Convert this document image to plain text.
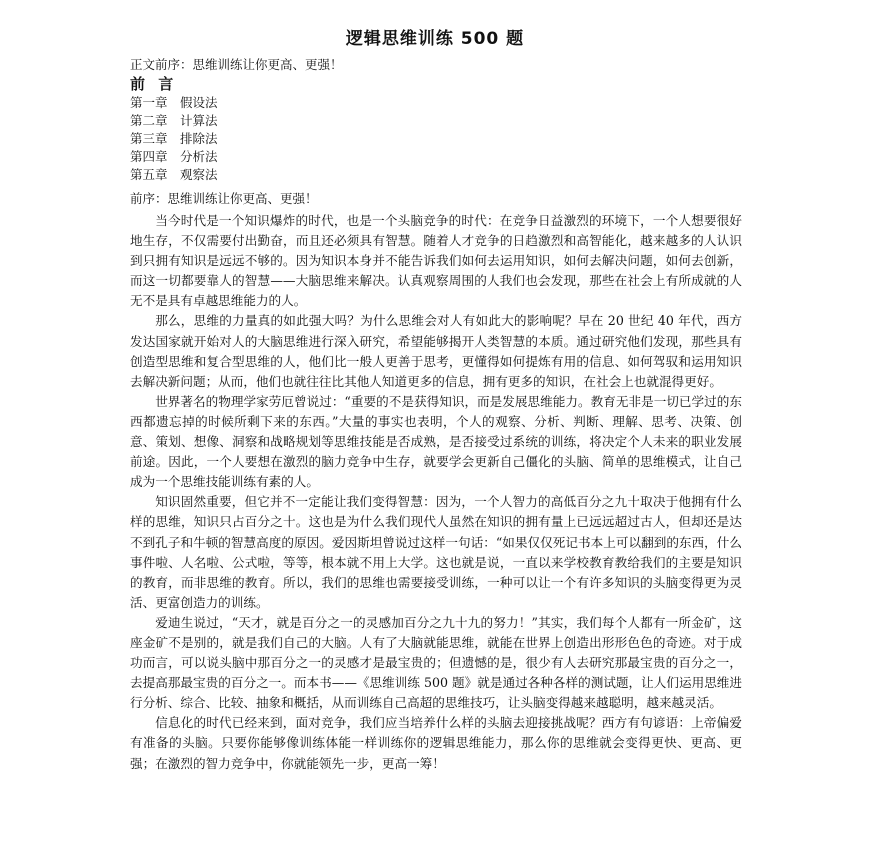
逻辑思维训练 500 题
正文前序：思维训练让你更高、更强！
前 言
第一章　假设法
第二章　计算法
第三章　排除法
第四章　分析法
第五章　观察法
前序：思维训练让你更高、更强！

当今时代是一个知识爆炸的时代，也是一个头脑竞争的时代：在竞争日益激烈的环境下，一个人想要很好地生存，不仅需要付出勤奋，而且还必须具有智慧。随着人才竞争的日趋激烈和高智能化，越来越多的人认识到只拥有知识是远远不够的。因为知识本身并不能告诉我们如何去运用知识，如何去解决问题，如何去创新，而这一切都要靠人的智慧——大脑思维来解决。认真观察周围的人我们也会发现，那些在社会上有所成就的人无不是具有卓越思维能力的人。

那么，思维的力量真的如此强大吗？为什么思维会对人有如此大的影响呢？早在 20 世纪 40 年代，西方发达国家就开始对人的大脑思维进行深入研究，希望能够揭开人类智慧的本质。通过研究他们发现，那些具有创造型思维和复合型思维的人，他们比一般人更善于思考，更懂得如何提炼有用的信息、如何驾驭和运用知识去解决新问题；从而，他们也就往往比其他人知道更多的信息，拥有更多的知识，在社会上也就混得更好。

世界著名的物理学家劳厄曾说过：“重要的不是获得知识，而是发展思维能力。教育无非是一切已学过的东西都遗忘掉的时候所剩下来的东西。”大量的事实也表明，个人的观察、分析、判断、理解、思考、决策、创意、策划、想像、洞察和战略规划等思维技能是否成熟，是否接受过系统的训练，将决定个人未来的职业发展前途。因此，一个人要想在激烈的脑力竞争中生存，就要学会更新自己僵化的头脑、简单的思维模式，让自己成为一个思维技能训练有素的人。

知识固然重要，但它并不一定能让我们变得智慧：因为，一个人智力的高低百分之九十取决于他拥有什么样的思维，知识只占百分之十。这也是为什么我们现代人虽然在知识的拥有量上已远远超过古人，但却还是达不到孔子和牛顿的智慧高度的原因。爱因斯坦曾说过这样一句话：“如果仅仅死记书本上可以翻到的东西，什么事件啦、人名啦、公式啦，等等，根本就不用上大学。这也就是说，一直以来学校教育教给我们的主要是知识的教育，而非思维的教育。所以，我们的思维也需要接受训练，一种可以让一个有许多知识的头脑变得更为灵活、更富创造力的训练。

爱迪生说过，“天才，就是百分之一的灵感加百分之九十九的努力！”其实，我们每个人都有一所金矿，这座金矿不是别的，就是我们自己的大脑。人有了大脑就能思维，就能在世界上创造出形形色色的奇迹。对于成功而言，可以说头脑中那百分之一的灵感才是最宝贵的；但遗憾的是，很少有人去研究那最宝贵的百分之一，去提高那最宝贵的百分之一。而本书——《思维训练 500 题》就是通过各种各样的测试题，让人们运用思维进行分析、综合、比较、抽象和概括，从而训练自己高超的思维技巧，让头脑变得越来越聪明，越来越灵活。

信息化的时代已经来到，面对竞争，我们应当培养什么样的头脑去迎接挑战呢？西方有句谚语：上帝偏爱有准备的头脑。只要你能够像训练体能一样训练你的逻辑思维能力，那么你的思维就会变得更快、更高、更强；在激烈的智力竞争中，你就能领先一步，更高一筹！
